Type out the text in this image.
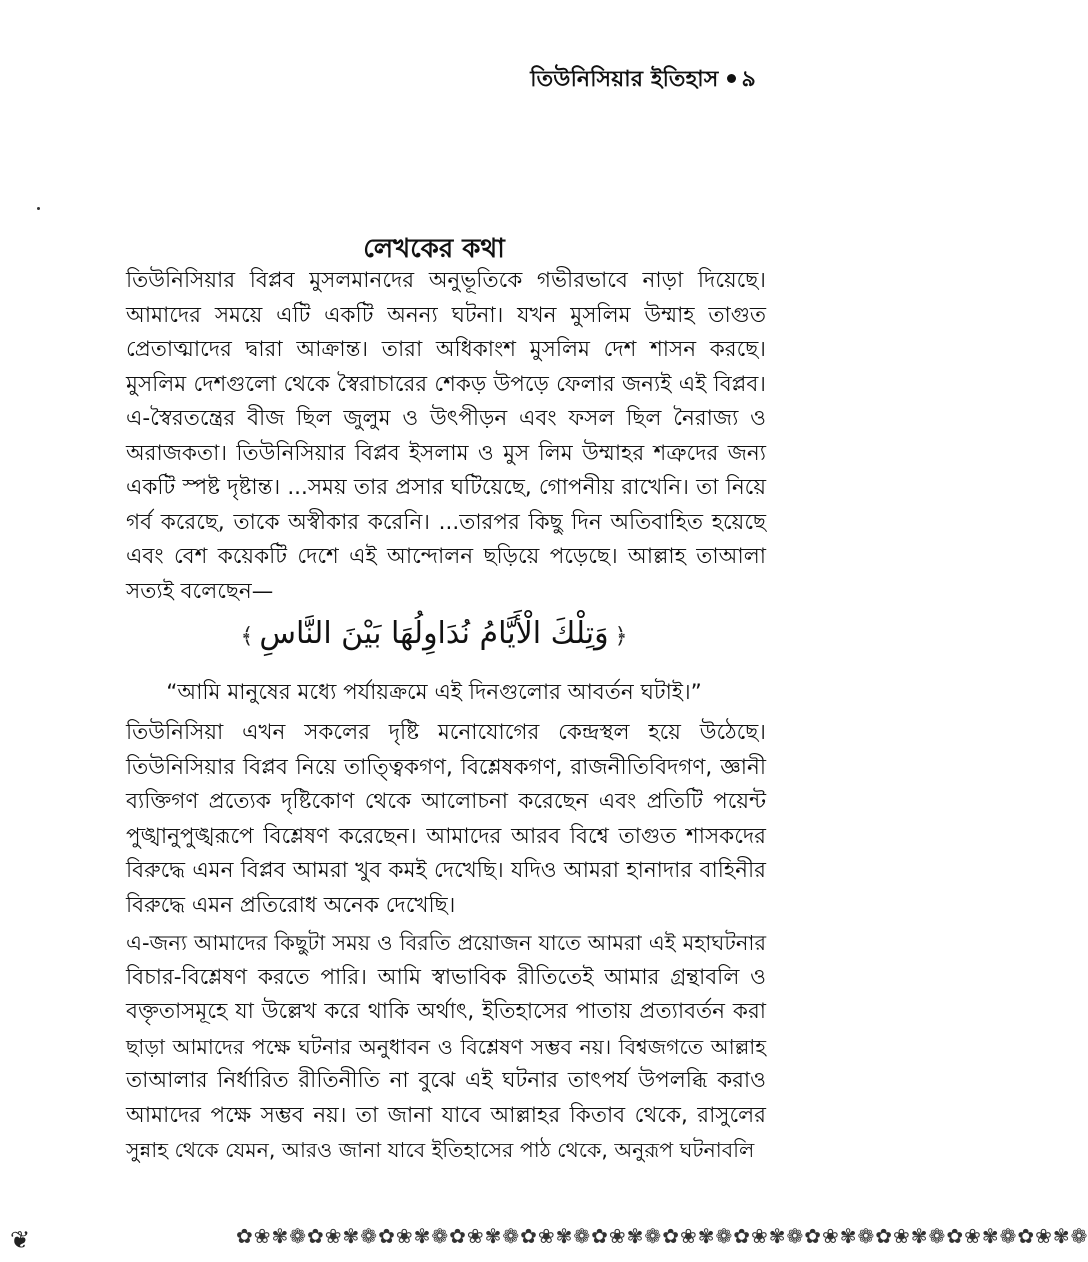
তিউনিসিয়ার ইতিহাস ৯
লেখকের কথা
তিউনিসিয়ার বিপ্লব মুসলমানদের অনুভূতিকে গভীরভাবে নাড়া দিয়েছে।
আমাদের সময়ে এটি একটি অনন্য ঘটনা। যখন মুসলিম উম্মাহ তাগুত
প্রেতাত্মাদের দ্বারা আক্রান্ত। তারা অধিকাংশ মুসলিম দেশ শাসন করছে।
মুসলিম দেশগুলো থেকে স্বৈরাচারের শেকড় উপড়ে ফেলার জন্যই এই বিপ্লব।
এ-স্বৈরতন্ত্রের বীজ ছিল জুলুম ও উৎপীড়ন এবং ফসল ছিল নৈরাজ্য ও
অরাজকতা। তিউনিসিয়ার বিপ্লব ইসলাম ও মুস লিম উম্মাহর শত্রুদের জন্য
একটি স্পষ্ট দৃষ্টান্ত। ...সময় তার প্রসার ঘটিয়েছে, গোপনীয় রাখেনি। তা নিয়ে
গর্ব করেছে, তাকে অস্বীকার করেনি। ...তারপর কিছু দিন অতিবাহিত হয়েছে
এবং বেশ কয়েকটি দেশে এই আন্দোলন ছড়িয়ে পড়েছে। আল্লাহ তাআলা
সত্যই বলেছেন—
﴿وَتِلْكَ الْأَيَّامُ نُدَاوِلُهَا بَيْنَ النَّاسِ﴾
“আমি মানুষের মধ্যে পর্যায়ক্রমে এই দিনগুলোর আবর্তন ঘটাই।”
তিউনিসিয়া এখন সকলের দৃষ্টি মনোযোগের কেন্দ্রস্থল হয়ে উঠেছে।
তিউনিসিয়ার বিপ্লব নিয়ে তাত্ত্বিকগণ, বিশ্লেষকগণ, রাজনীতিবিদগণ, জ্ঞানী
ব্যক্তিগণ প্রত্যেক দৃষ্টিকোণ থেকে আলোচনা করেছেন এবং প্রতিটি পয়েন্ট
পুঙ্খানুপুঙ্খরূপে বিশ্লেষণ করেছেন। আমাদের আরব বিশ্বে তাগুত শাসকদের
বিরুদ্ধে এমন বিপ্লব আমরা খুব কমই দেখেছি। যদিও আমরা হানাদার বাহিনীর
বিরুদ্ধে এমন প্রতিরোধ অনেক দেখেছি।
এ-জন্য আমাদের কিছুটা সময় ও বিরতি প্রয়োজন যাতে আমরা এই মহাঘটনার
বিচার-বিশ্লেষণ করতে পারি। আমি স্বাভাবিক রীতিতেই আমার গ্রন্থাবলি ও
বক্তৃতাসমূহে যা উল্লেখ করে থাকি অর্থাৎ, ইতিহাসের পাতায় প্রত্যাবর্তন করা
ছাড়া আমাদের পক্ষে ঘটনার অনুধাবন ও বিশ্লেষণ সম্ভব নয়। বিশ্বজগতে আল্লাহ
তাআলার নির্ধারিত রীতিনীতি না বুঝে এই ঘটনার তাৎপর্য উপলব্ধি করাও
আমাদের পক্ষে সম্ভব নয়। তা জানা যাবে আল্লাহর কিতাব থেকে, রাসুলের
সুন্নাহ থেকে যেমন, আরও জানা যাবে ইতিহাসের পাঠ থেকে, অনুরূপ ঘটনাবলি
❦	✿❀✾❁✿❀✾❁✿❀✾❁✿❀✾❁✿❀✾❁✿❀✾❁✿❀✾❁✿❀✾❁✿❀✾❁✿❀✾❁✿❀✾❁✿❀✾❁
